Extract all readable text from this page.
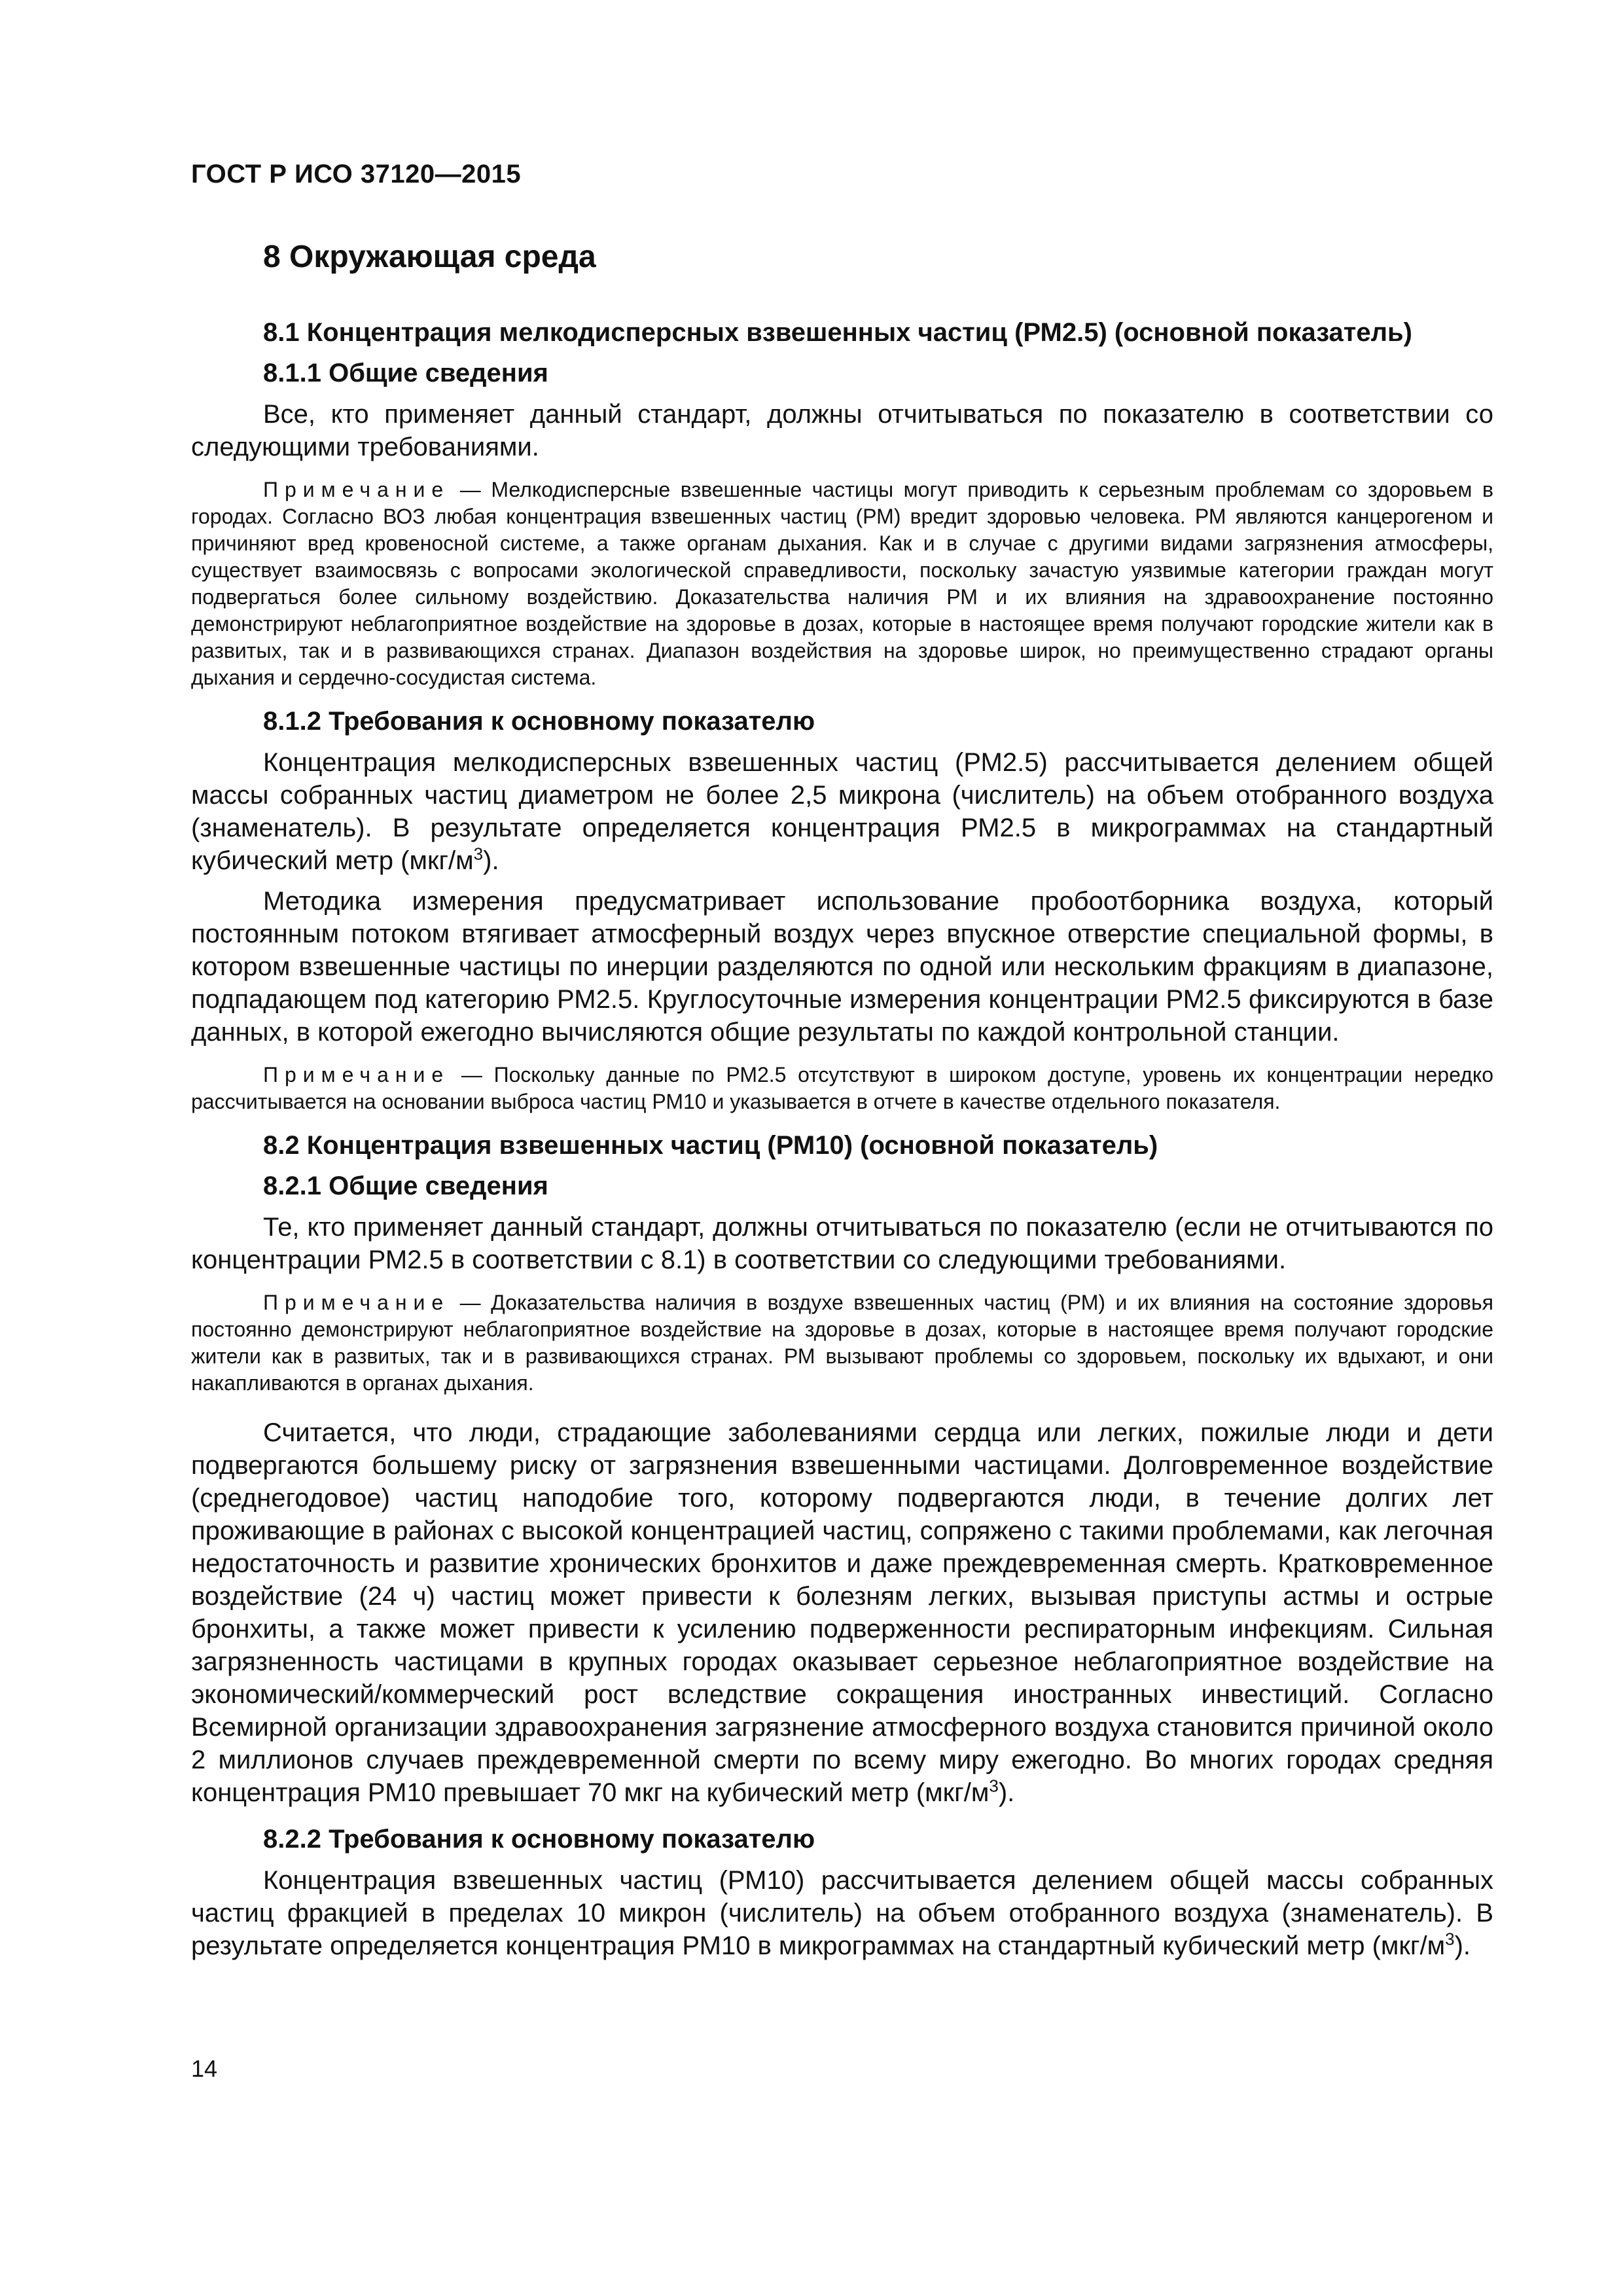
ГОСТ Р ИСО 37120—2015
8 Окружающая среда
8.1 Концентрация мелкодисперсных взвешенных частиц (РМ2.5) (основной показатель)
8.1.1 Общие сведения

Все, кто применяет данный стандарт, должны отчитываться по показателю в соответствии со следующими требованиями.

Примечание — Мелкодисперсные взвешенные частицы могут приводить к серьезным проблемам со здоровьем в городах. Согласно ВОЗ любая концентрация взвешенных частиц (РМ) вредит здоровью человека. РМ являются канцерогеном и причиняют вред кровеносной системе, а также органам дыхания. Как и в случае с другими видами загрязнения атмосферы, существует взаимосвязь с вопросами экологической справедливости, поскольку зачастую уязвимые категории граждан могут подвергаться более сильному воздействию. Доказательства наличия РМ и их влияния на здравоохранение постоянно демонстрируют неблагоприятное воздействие на здоровье в дозах, которые в настоящее время получают городские жители как в развитых, так и в развивающихся странах. Диапазон воздействия на здоровье широк, но преимущественно страдают органы дыхания и сердечно-сосудистая система.

8.1.2 Требования к основному показателю

Концентрация мелкодисперсных взвешенных частиц (РМ2.5) рассчитывается делением общей массы собранных частиц диаметром не более 2,5 микрона (числитель) на объем отобранного воздуха (знаменатель). В результате определяется концентрация РМ2.5 в микрограммах на стандартный кубический метр $(мкг/м^3)$.

Методика измерения предусматривает использование пробоотборника воздуха, который постоянным потоком втягивает атмосферный воздух через впускное отверстие специальной формы, в котором взвешенные частицы по инерции разделяются по одной или нескольким фракциям в диапазоне, подпадающем под категорию РМ2.5. Круглосуточные измерения концентрации РМ2.5 фиксируются в базе данных, в которой ежегодно вычисляются общие результаты по каждой контрольной станции.

Примечание — Поскольку данные по РМ2.5 отсутствуют в широком доступе, уровень их концентрации нередко рассчитывается на основании выброса частиц РМ10 и указывается в отчете в качестве отдельного показателя.

8.2 Концентрация взвешенных частиц (РМ10) (основной показатель)
8.2.1 Общие сведения

Те, кто применяет данный стандарт, должны отчитываться по показателю (если не отчитываются по концентрации РМ2.5 в соответствии с 8.1) в соответствии со следующими требованиями.

Примечание — Доказательства наличия в воздухе взвешенных частиц (РМ) и их влияния на состояние здоровья постоянно демонстрируют неблагоприятное воздействие на здоровье в дозах, которые в настоящее время получают городские жители как в развитых, так и в развивающихся странах. РМ вызывают проблемы со здоровьем, поскольку их вдыхают, и они накапливаются в органах дыхания.

Считается, что люди, страдающие заболеваниями сердца или легких, пожилые люди и дети подвергаются большему риску от загрязнения взвешенными частицами. Долговременное воздействие (среднегодовое) частиц наподобие того, которому подвергаются люди, в течение долгих лет проживающие в районах с высокой концентрацией частиц, сопряжено с такими проблемами, как легочная недостаточность и развитие хронических бронхитов и даже преждевременная смерть. Кратковременное воздействие (24 ч) частиц может привести к болезням легких, вызывая приступы астмы и острые бронхиты, а также может привести к усилению подверженности респираторным инфекциям. Сильная загрязненность частицами в крупных городах оказывает серьезное неблагоприятное воздействие на экономический/коммерческий рост вследствие сокращения иностранных инвестиций. Согласно Всемирной организации здравоохранения загрязнение атмосферного воздуха становится причиной около 2 миллионов случаев преждевременной смерти по всему миру ежегодно. Во многих городах средняя концентрация РМ10 превышает 70 мкг на кубический метр $(мкг/м^3)$.

8.2.2 Требования к основному показателю

Концентрация взвешенных частиц (РМ10) рассчитывается делением общей массы собранных частиц фракцией в пределах 10 микрон (числитель) на объем отобранного воздуха (знаменатель). В результате определяется концентрация РМ10 в микрограммах на стандартный кубический метр $(мкг/м^3)$.

14
